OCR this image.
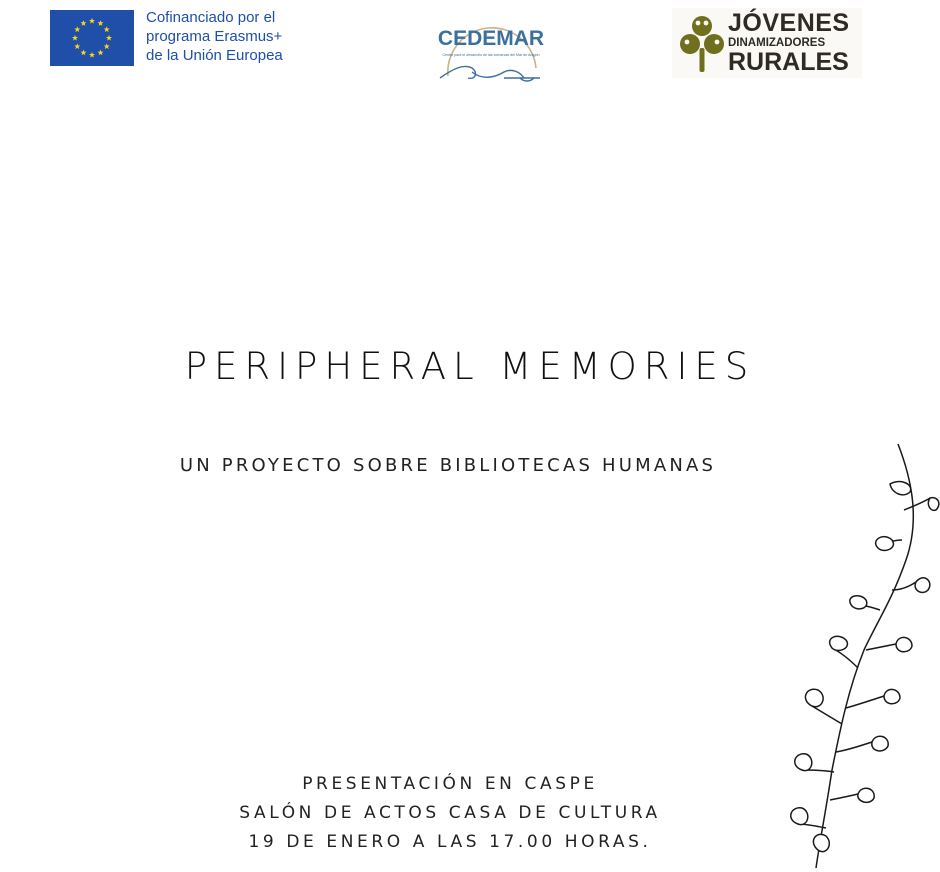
Cofinanciado por el
programa Erasmus+
de la Unión Europea
CEDEMAR
Centro para el desarrollo de las comarcas del Mar de Aragón
JÓVENES
DINAMIZADORES
RURALES
PERIPHERAL MEMORIES
UN PROYECTO SOBRE BIBLIOTECAS HUMANAS
PRESENTACIÓN EN CASPE
SALÓN DE ACTOS CASA DE CULTURA
19 DE ENERO A LAS 17.00 HORAS.
